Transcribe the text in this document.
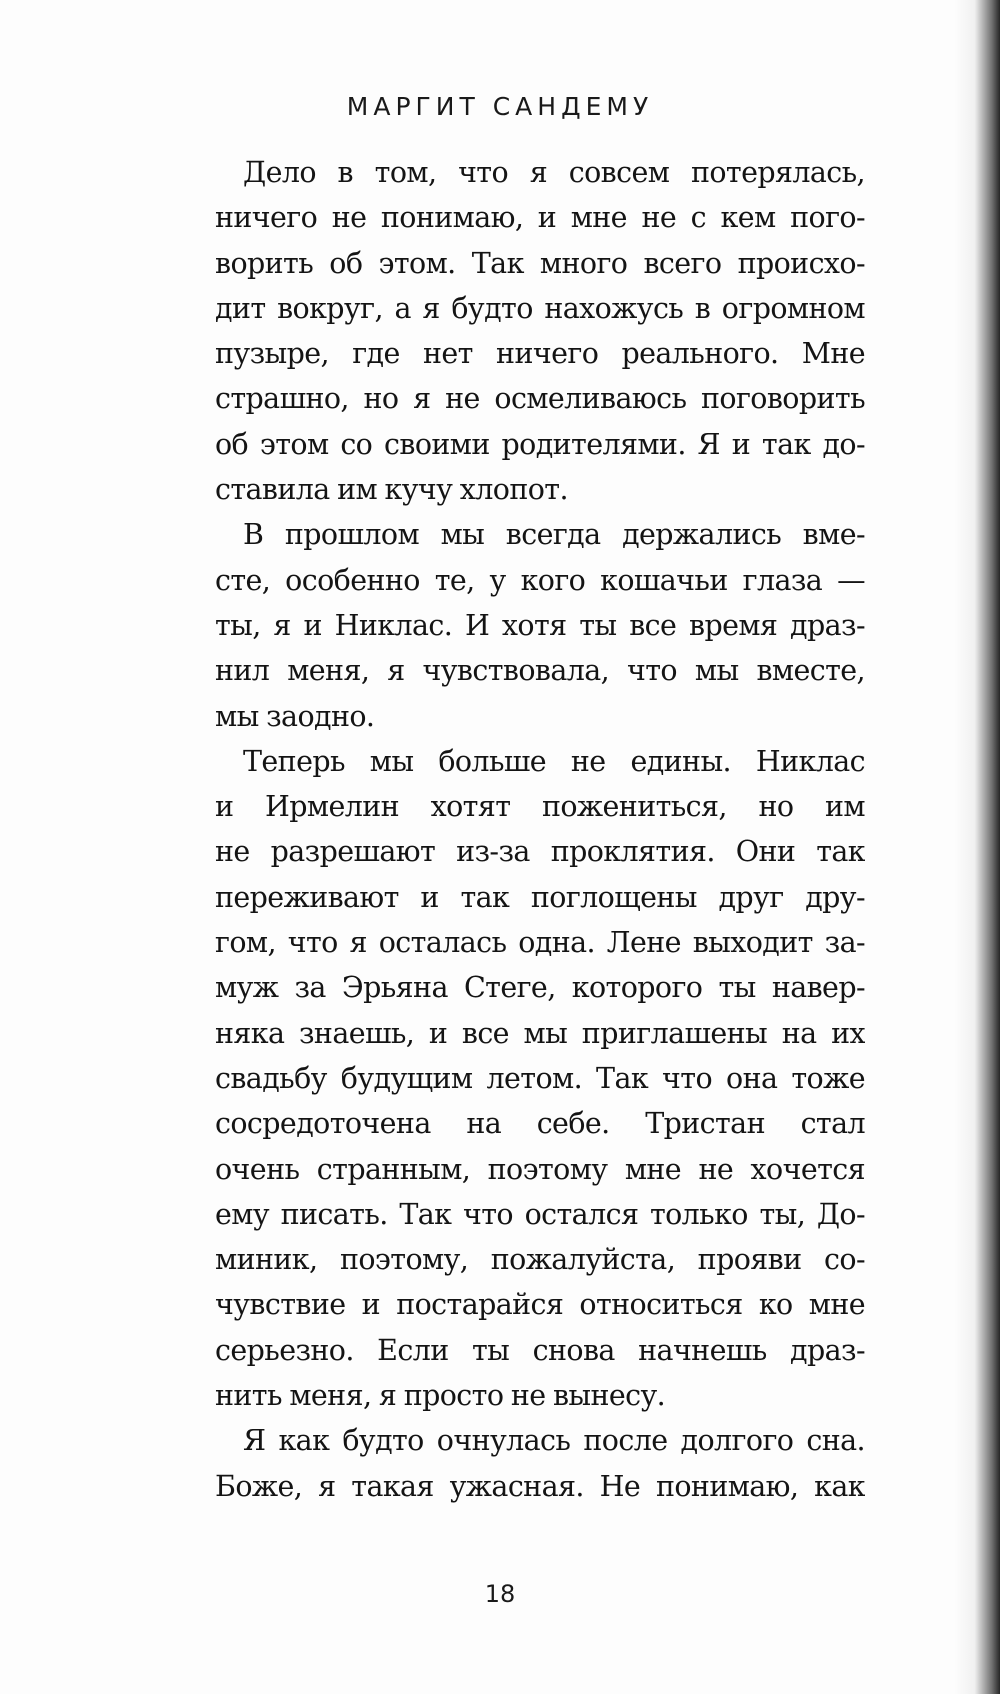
МАРГИТ САНДЕМУ
Дело в том, что я совсем потерялась,
ничего не понимаю, и мне не с кем пого-
ворить об этом. Так много всего происхо-
дит вокруг, а я будто нахожусь в огромном
пузыре, где нет ничего реального. Мне
страшно, но я не осмеливаюсь поговорить
об этом со своими родителями. Я и так до-
ставила им кучу хлопот.
В прошлом мы всегда держались вме-
сте, особенно те, у кого кошачьи глаза —
ты, я и Никлас. И хотя ты все время драз-
нил меня, я чувствовала, что мы вместе,
мы заодно.
Теперь мы больше не едины. Никлас
и Ирмелин хотят пожениться, но им
не разрешают из-за проклятия. Они так
переживают и так поглощены друг дру-
гом, что я осталась одна. Лене выходит за-
муж за Эрьяна Стеге, которого ты навер-
няка знаешь, и все мы приглашены на их
свадьбу будущим летом. Так что она тоже
сосредоточена на себе. Тристан стал
очень странным, поэтому мне не хочется
ему писать. Так что остался только ты, До-
миник, поэтому, пожалуйста, прояви со-
чувствие и постарайся относиться ко мне
серьезно. Если ты снова начнешь драз-
нить меня, я просто не вынесу.
Я как будто очнулась после долгого сна.
Боже, я такая ужасная. Не понимаю, как
18
